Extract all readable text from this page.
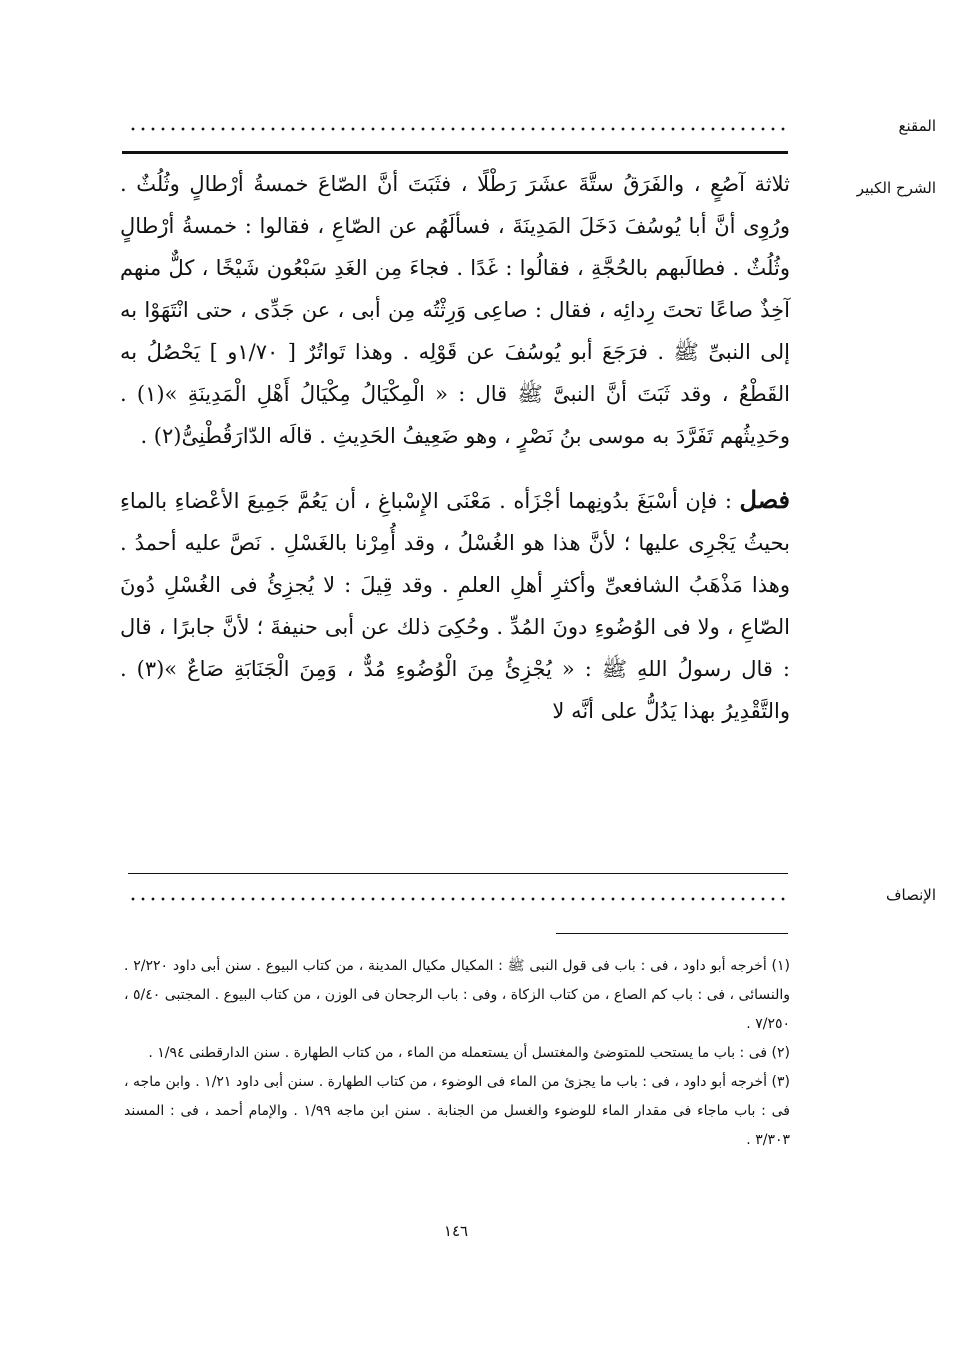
المقنع
الشرح الكبير

ثلاثة آصُعٍ ، والفَرَقُ ستَّةَ عشَرَ رَطْلًا ، فثَبَتَ أنَّ الصّاعَ خمسةُ أرْطالٍ وثُلُثٌ . ورُوِى أنَّ أبا يُوسُفَ دَخَلَ المَدِينَةَ ، فسألَهُم عن الصّاعِ ، فقالوا : خمسةُ أرْطالٍ وثُلُثٌ . فطالَبهم بالحُجَّةِ ، فقالُوا : غَدًا . فجاءَ مِن الغَدِ سَبْعُون شَيْخًا ، كلٌّ منهم آخِذٌ صاعًا تحتَ رِدائِه ، فقال : صاعِى وَرِثْتُه مِن أبى ، عن جَدِّى ، حتى انْتَهَوْا به إلى النبىِّ ﷺ . فرَجَعَ أبو يُوسُفَ عن قَوْلِه . وهذا تَواتُرٌ [ ١/٧٠و ] يَحْصُلُ به القَطْعُ ، وقد ثَبَتَ أنَّ النبىَّ ﷺ قال : « الْمِكْيَالُ مِكْيَالُ أَهْلِ الْمَدِينَةِ »(١) . وحَدِيثُهم تَفَرَّدَ به موسى بنُ نَصْرٍ ، وهو ضَعِيفُ الحَدِيثِ . قالَه الدّارَقُطْنِىُّ(٢) .

فصل : فإن أسْبَغَ بدُونِهما أجْزَأه . مَعْنَى الإِسْباغِ ، أن يَعُمَّ جَمِيعَ الأعْضاءِ بالماءِ بحيثُ يَجْرِى عليها ؛ لأنَّ هذا هو الغُسْلُ ، وقد أُمِرْنا بالغَسْلِ . نَصَّ عليه أحمدُ . وهذا مَذْهَبُ الشافعىِّ وأكثرِ أهلِ العلمِ . وقد قِيلَ : لا يُجزِئُ فى الغُسْلِ دُونَ الصّاعِ ، ولا فى الوُضُوءِ دونَ المُدِّ . وحُكِىَ ذلك عن أبى حنيفةَ ؛ لأنَّ جابرًا ، قال : قال رسولُ اللهِ ﷺ : « يُجْزِئُ مِنَ الْوُضُوءِ مُدٌّ ، وَمِنَ الْجَنَابَةِ صَاعٌ »(٣) . والتَّقْدِيرُ بهذا يَدُلُّ على أنَّه لا

الإنصاف

(١) أخرجه أبو داود ، فى : باب فى قول النبى ﷺ : المكيال مكيال المدينة ، من كتاب البيوع . سنن أبى داود ٢/٢٢٠ . والنسائى ، فى : باب كم الصاع ، من كتاب الزكاة ، وفى : باب الرجحان فى الوزن ، من كتاب البيوع . المجتبى ٥/٤٠ ، ٧/٢٥٠ .

(٢) فى : باب ما يستحب للمتوضئ والمغتسل أن يستعمله من الماء ، من كتاب الطهارة . سنن الدارقطنى ١/٩٤ .

(٣) أخرجه أبو داود ، فى : باب ما يجزئ من الماء فى الوضوء ، من كتاب الطهارة . سنن أبى داود ١/٢١ . وابن ماجه ، فى : باب ماجاء فى مقدار الماء للوضوء والغسل من الجنابة . سنن ابن ماجه ١/٩٩ . والإمام أحمد ، فى : المسند ٣/٣٠٣ .

١٤٦
